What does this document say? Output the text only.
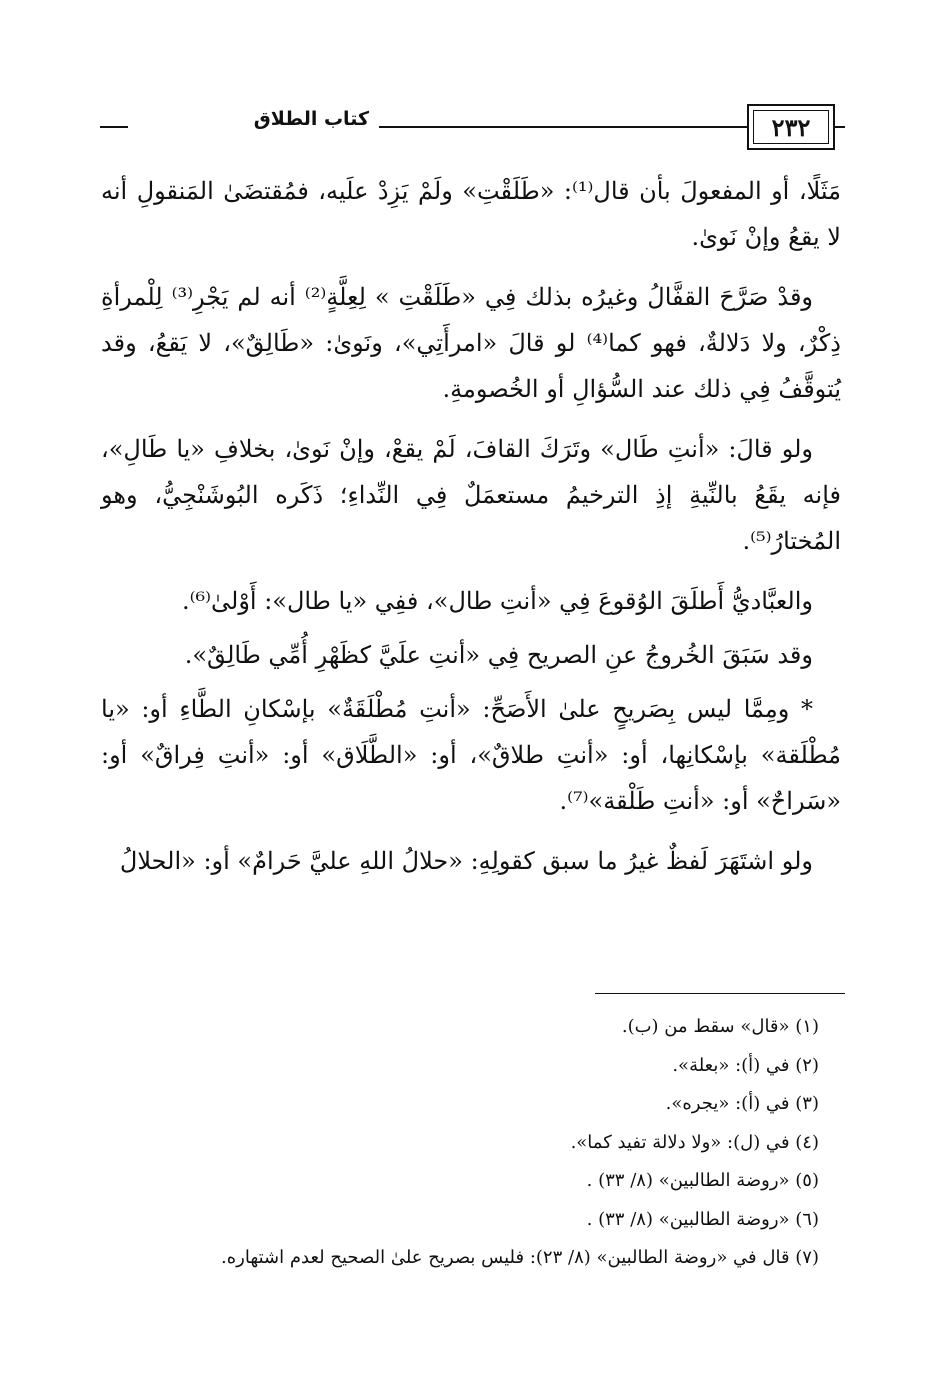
٢٣٢
كتاب الطلاق

مَثَلًا، أو المفعولَ بأن قال⁽¹⁾: «طَلَقْتِ» ولَمْ يَزِدْ علَيه، فمُقتضَىٰ المَنقولِ أنه لا يقعُ وإنْ نَوىٰ.

وقدْ صَرَّحَ القفَّالُ وغيرُه بذلك فِي «طَلَقْتِ » لِعِلَّةٍ⁽²⁾ أنه لم يَجْرِ⁽³⁾ لِلْمرأةِ ذِكْرٌ، ولا دَلالةٌ، فهو كما⁽⁴⁾ لو قالَ «امرأَتِي»، ونَوىٰ: «طَالِقٌ»، لا يَقعُ، وقد يُتوقَّفُ فِي ذلك عند السُّؤالِ أو الخُصومةِ.

ولو قالَ: «أنتِ طَال» وتَرَكَ القافَ، لَمْ يقعْ، وإنْ نَوىٰ، بخلافِ «يا طَالِ»، فإنه يقَعُ بالنِّيةِ إذِ الترخيمُ مستعمَلٌ فِي النِّداءِ؛ ذَكَره البُوشَنْجِيُّ، وهو المُختارُ⁽⁵⁾.

والعبَّاديُّ أَطلَقَ الوُقوعَ فِي «أنتِ طال»، ففِي «يا طال»: أَوْلىٰ⁽⁶⁾.

وقد سَبَقَ الخُروجُ عنِ الصريح فِي «أنتِ علَيَّ كظَهْرِ أُمِّي طَالِقٌ».

* ومِمَّا ليس بِصَريحٍ علىٰ الأَصَحِّ: «أنتِ مُطْلَقَةٌ» بإسْكانِ الطَّاءِ أو: «يا مُطْلَقة» بإسْكانِها، أو: «أنتِ طلاقٌ»، أو: «الطَّلَاق» أو: «أنتِ فِراقٌ» أو: «سَراحٌ» أو: «أنتِ طَلْقة»⁽⁷⁾.

ولو اشتَهَرَ لَفظٌ غيرُ ما سبق كقولِهِ: «حلالُ اللهِ عليَّ حَرامٌ» أو: «الحلالُ

(١) «قال» سقط من (ب).

(٢) في (أ): «بعلة».

(٣) في (أ): «يجره».

(٤) في (ل): «ولا دلالة تفيد كما».

(٥) «روضة الطالبين» (٨/ ٣٣) .

(٦) «روضة الطالبين» (٨/ ٣٣) .

(٧) قال في «روضة الطالبين» (٨/ ٢٣): فليس بصريح علىٰ الصحيح لعدم اشتهاره.
